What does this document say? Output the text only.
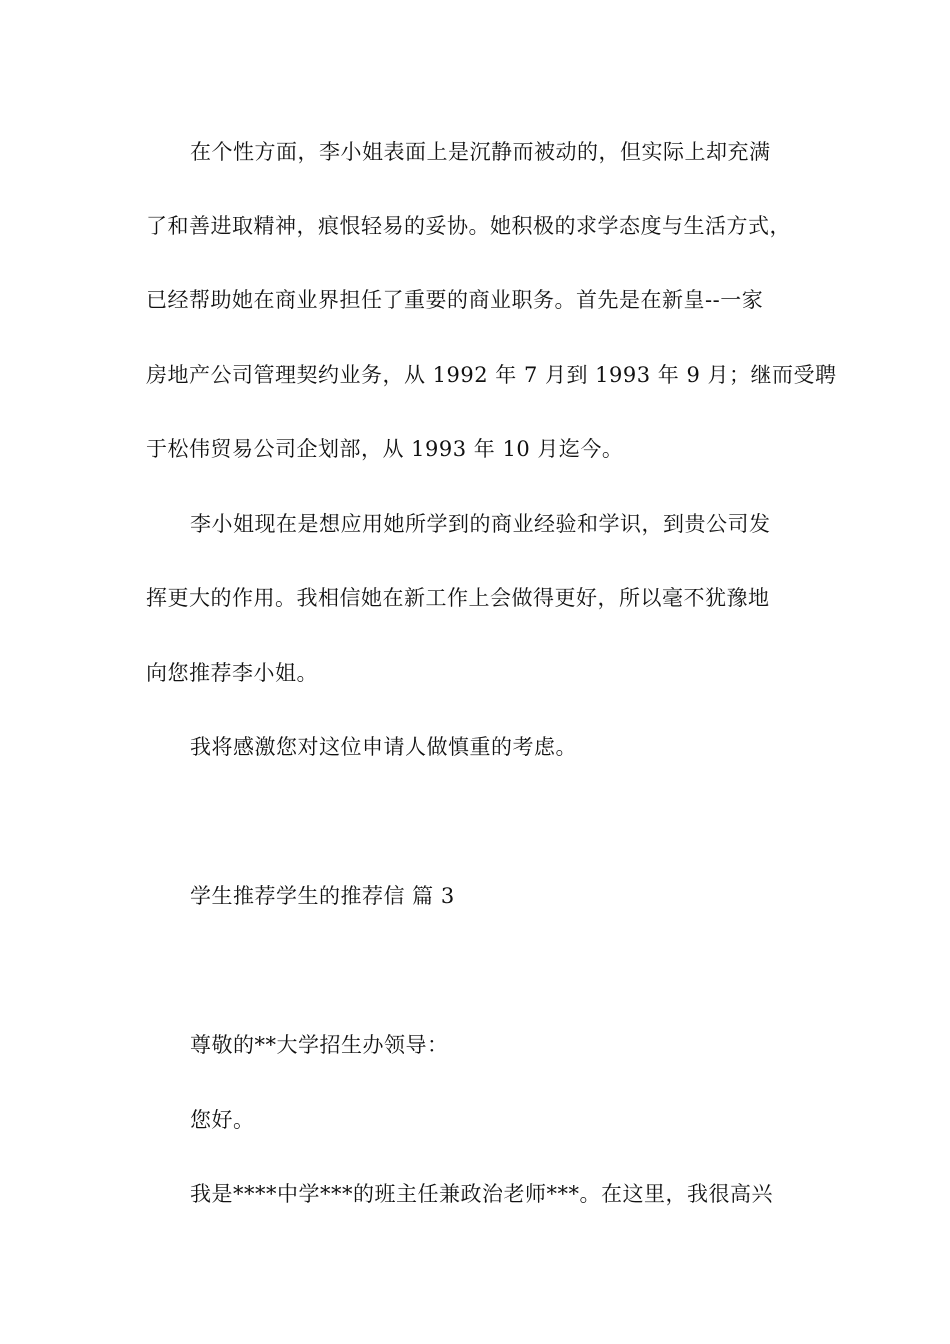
在个性方面，李小姐表面上是沉静而被动的，但实际上却充满
了和善进取精神，痕恨轻易的妥协。她积极的求学态度与生活方式，
已经帮助她在商业界担任了重要的商业职务。首先是在新皇--一家
房地产公司管理契约业务，从 1992 年 7 月到 1993 年 9 月；继而受聘
于松伟贸易公司企划部，从 1993 年 10 月迄今。
李小姐现在是想应用她所学到的商业经验和学识，到贵公司发
挥更大的作用。我相信她在新工作上会做得更好，所以毫不犹豫地
向您推荐李小姐。
我将感激您对这位申请人做慎重的考虑。
学生推荐学生的推荐信 篇 3
尊敬的**大学招生办领导：
您好。
我是****中学***的班主任兼政治老师***。在这里，我很高兴
